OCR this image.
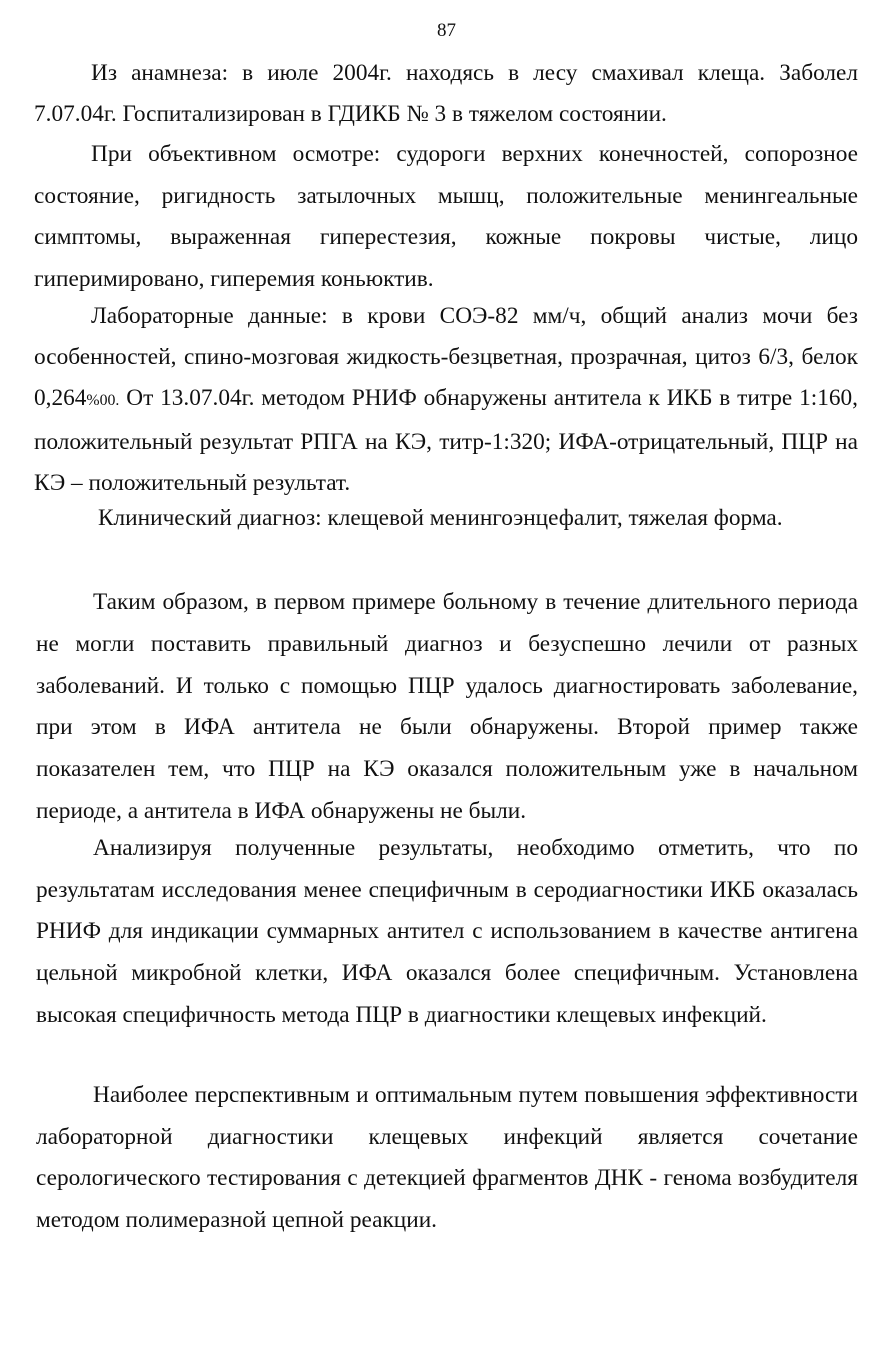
87

Из анамнеза: в июле 2004г. находясь в лесу смахивал клеща. Заболел 7.07.04г. Госпитализирован в ГДИКБ № 3 в тяжелом состоянии.

При объективном осмотре: судороги верхних конечностей, сопорозное состояние, ригидность затылочных мышц, положительные менингеальные симптомы, выраженная гиперестезия, кожные покровы чистые, лицо гиперимировано, гиперемия коньюктив.

Лабораторные данные: в крови СОЭ-82 мм/ч, общий анализ мочи без особенностей, спино-мозговая жидкость-безцветная, прозрачная, цитоз 6/3, белок 0,264%00. От 13.07.04г. методом РНИФ обнаружены антитела к ИКБ в титре 1:160, положительный результат РПГА на КЭ, титр-1:320; ИФА-отрицательный, ПЦР на КЭ – положительный результат.

Клинический диагноз: клещевой менингоэнцефалит, тяжелая форма.

Таким образом, в первом примере больному в течение длительного периода не могли поставить правильный диагноз и безуспешно лечили от разных заболеваний. И только с помощью ПЦР удалось диагностировать заболевание, при этом в ИФА антитела не были обнаружены. Второй пример также показателен тем, что ПЦР на КЭ оказался положительным уже в начальном периоде, а антитела в ИФА обнаружены не были.

Анализируя полученные результаты, необходимо отметить, что по результатам исследования менее специфичным в серодиагностики ИКБ оказалась РНИФ для индикации суммарных антител с использованием в качестве антигена цельной микробной клетки, ИФА оказался более специфичным. Установлена высокая специфичность метода ПЦР в диагностики клещевых инфекций.

Наиболее перспективным и оптимальным путем повышения эффективности лабораторной диагностики клещевых инфекций является сочетание серологического тестирования с детекцией фрагментов ДНК - генома возбудителя методом полимеразной цепной реакции.
